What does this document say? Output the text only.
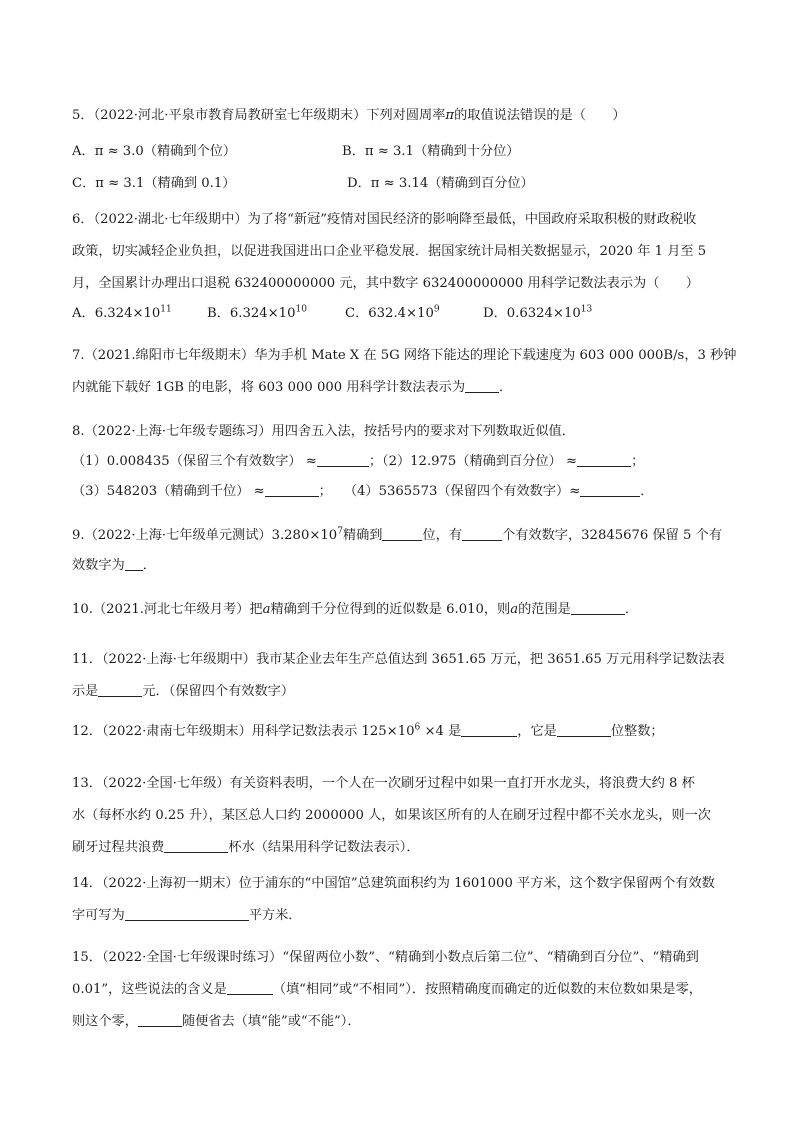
5．（2022·河北·平泉市教育局教研室七年级期末）下列对圆周率π的取值说法错误的是（　　）
A．π ≈ 3.0（精确到个位）	B．π ≈ 3.1（精确到十分位）
C．π ≈ 3.1（精确到 0.1）	D．π ≈ 3.14（精确到百分位）
6．（2022·湖北·七年级期中）为了将“新冠”疫情对国民经济的影响降至最低，中国政府采取积极的财政税收
政策，切实减轻企业负担，以促进我国进出口企业平稳发展．据国家统计局相关数据显示，2020 年 1 月至 5
月，全国累计办理出口退税 632400000000 元，其中数字 632400000000 用科学记数法表示为（　　）
A．$6.324\times 10^{11}$	B．$6.324\times 10^{10}$	C．$632.4\times 10^9$	D．$0.6324\times 10^{13}$
7.（2021.绵阳市七年级期末）华为手机 Mate X 在 5G 网络下能达的理论下载速度为 603 000 000B/s，3 秒钟
内就能下载好 1GB 的电影，将 603 000 000 用科学计数法表示为	．
8.（2022·上海·七年级专题练习）用四舍五入法，按括号内的要求对下列数取近似值．
（1）0.008435（保留三个有效数字） ≈	；（2）12.975（精确到百分位） ≈	；
（3）548203（精确到千位） ≈	； （4）5365573（保留四个有效数字）≈	．
9.（2022·上海·七年级单元测试）$3.280\times 10^7$精确到	位，有	个有效数字，32845676 保留 5 个有
效数字为 ．
10.（2021.河北七年级月考）把a精确到千分位得到的近似数是 6.010，则a的范围是	．
11．（2022·上海·七年级期中）我市某企业去年生产总值达到 3651.65 万元，把 3651.65 万元用科学记数法表
示是	元．（保留四个有效数字）
12．（2022·肃南七年级期末）用科学记数法表示 $125\times 10^6 \times 4$ 是	，它是	位整数；
13．（2022·全国·七年级）有关资料表明，一个人在一次刷牙过程中如果一直打开水龙头，将浪费大约 8 杯
水（每杯水约 0.25 升），某区总人口约 2000000 人，如果该区所有的人在刷牙过程中都不关水龙头，则一次
刷牙过程共浪费	杯水（结果用科学记数法表示）．
14．（2022·上海初一期末）位于浦东的“中国馆”总建筑面积约为 1601000 平方米，这个数字保留两个有效数
字可写为	平方米．
15．（2022·全国·七年级课时练习）“保留两位小数”、“精确到小数点后第二位”、“精确到百分位”、“精确到
0.01”，这些说法的含义是	（填“相同”或“不相同”）．按照精确度而确定的近似数的末位数如果是零，
则这个零，	随便省去（填“能”或“不能”）．
